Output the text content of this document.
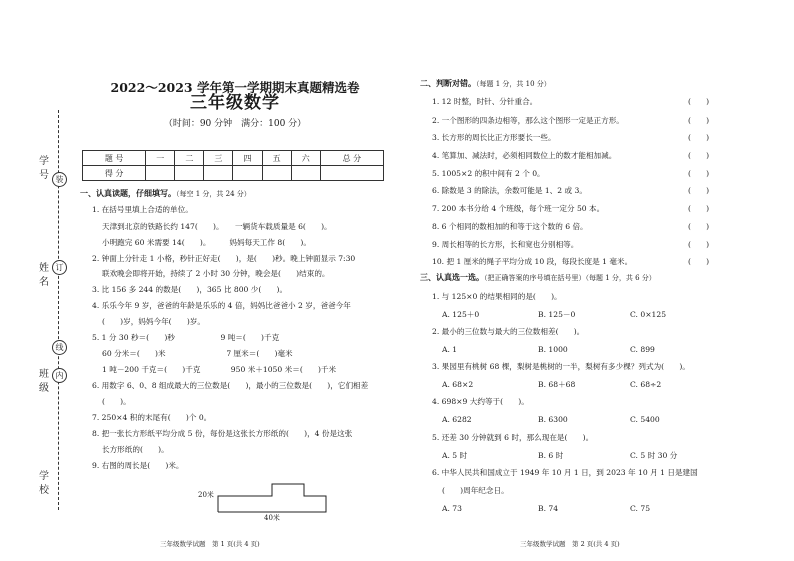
学号
姓名
班级
学校
装
订
线
内
2022～2023 学年第一学期期末真题精选卷
三年级数学
（时间：90 分钟　满分：100 分）
题 号	一	二	三	四	五	六	总 分
得 分							
一、认真读题，仔细填写。（每空 1 分，共 24 分）
1. 在括号里填上合适的单位。
天津到北京的铁路长约 147(　　)。　　一辆货车载质量是 6(　　)。
小明跑完 60 米需要 14(　　)。　　　妈妈每天工作 8(　　)。
2. 钟面上分针走 1 小格，秒针正好走(　　)，是(　　)秒。晚上钟面显示 7:30
联欢晚会即将开始，持续了 2 小时 30 分钟，晚会是(　　)结束的。
3. 比 156 多 244 的数是(　　)，365 比 800 少(　　)。
4. 乐乐今年 9 岁，爸爸的年龄是乐乐的 4 倍，妈妈比爸爸小 2 岁，爸爸今年
(　　)岁，妈妈今年(　　)岁。
5. 1 分 30 秒＝(　　)秒　　　　　　9 吨＝(　　)千克
60 分米＝(　　)米　　　　　　　　7 厘米＝(　　)毫米
1 吨－200 千克＝(　　)千克　　　　950 米＋1050 米＝(　　)千米
6. 用数字 6、0、8 组成最大的三位数是(　　)，最小的三位数是(　　)，它们相差
(　　)。
7. 250×4 积的末尾有(　　)个 0。
8. 把一张长方形纸平均分成 5 份，每份是这张长方形纸的(　　)，4 份是这张
长方形纸的(　　)。
9. 右图的周长是(　　)米。
20米
40米
三年级数学试题　第 1 页(共 4 页)
二、判断对错。（每题 1 分，共 10 分）
1. 12 时整，时针、分针重合。	(　　)
2. 一个图形的四条边相等，那么这个图形一定是正方形。	(　　)
3. 长方形的周长比正方形要长一些。	(　　)
4. 笔算加、减法时，必须相同数位上的数才能相加减。	(　　)
5. 1005×2 的积中间有 2 个 0。	(　　)
6. 除数是 3 的除法，余数可能是 1、2 或 3。	(　　)
7. 200 本书分给 4 个班级，每个班一定分 50 本。	(　　)
8. 6 个相同的数相加的和等于这个数的 6 倍。	(　　)
9. 周长相等的长方形，长和宽也分别相等。	(　　)
10. 把 1 厘米的绳子平均分成 10 段，每段长度是 1 毫米。	(　　)
三、认真选一选。（把正确答案的序号填在括号里）（每题 1 分，共 6 分）
1. 与 125×0 的结果相同的是(　　)。
A. 125＋0	B. 125－0	C. 0×125
2. 最小的三位数与最大的三位数相差(　　)。
A. 1	B. 1000	C. 899
3. 果园里有桃树 68 棵，梨树是桃树的一半，梨树有多少棵？列式为(　　)。
A. 68×2	B. 68＋68	C. 68÷2
4. 698×9 大约等于(　　)。
A. 6282	B. 6300	C. 5400
5. 还差 30 分钟就到 6 时，那么现在是(　　)。
A. 5 时	B. 6 时	C. 5 时 30 分
6. 中华人民共和国成立于 1949 年 10 月 1 日，到 2023 年 10 月 1 日是建国
(　　)周年纪念日。
A. 73	B. 74	C. 75
三年级数学试题　第 2 页(共 4 页)
